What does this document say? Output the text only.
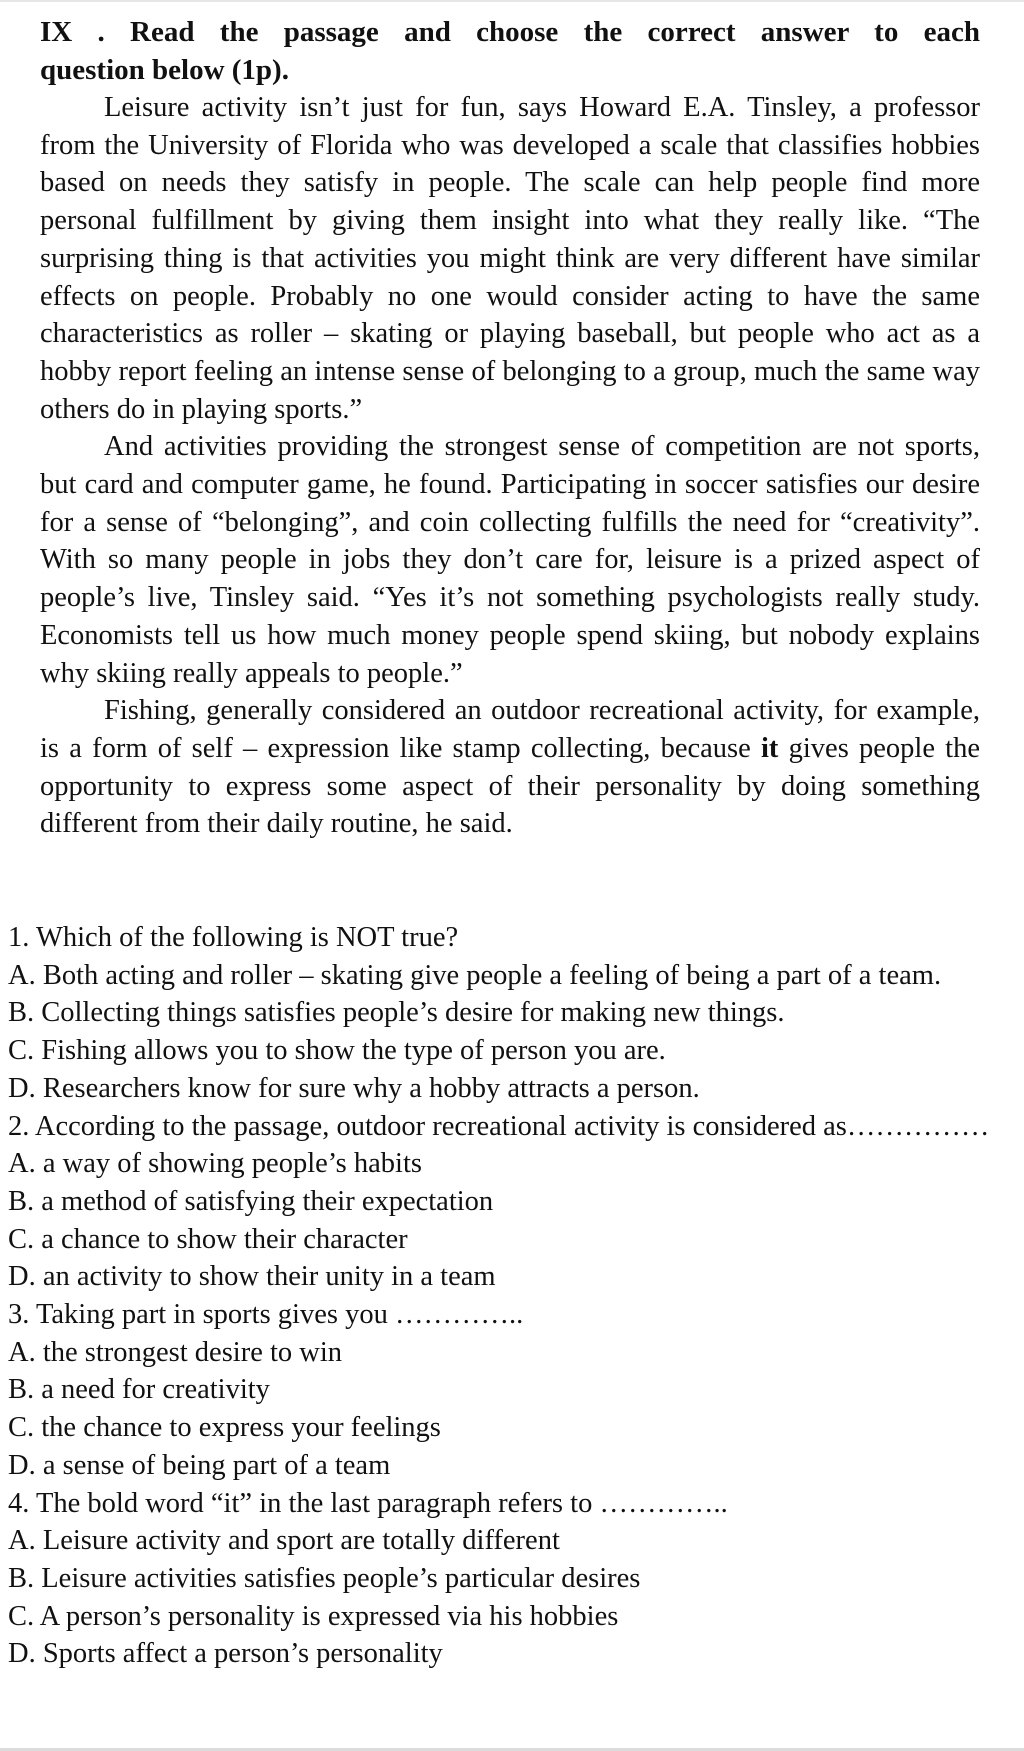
IX . Read the passage and choose the correct answer to each
question below (1p).

Leisure activity isn’t just for fun, says Howard E.A. Tinsley, a professor from the University of Florida who was developed a scale that classifies hobbies based on needs they satisfy in people. The scale can help people find more personal fulfillment by giving them insight into what they really like. “The surprising thing is that activities you might think are very different have similar effects on people. Probably no one would consider acting to have the same characteristics as roller – skating or playing baseball, but people who act as a hobby report feeling an intense sense of belonging to a group, much the same way others do in playing sports.”

And activities providing the strongest sense of competition are not sports, but card and computer game, he found. Participating in soccer satisfies our desire for a sense of “belonging”, and coin collecting fulfills the need for “creativity”. With so many people in jobs they don’t care for, leisure is a prized aspect of people’s live, Tinsley said. “Yes it’s not something psychologists really study. Economists tell us how much money people spend skiing, but nobody explains why skiing really appeals to people.”

Fishing, generally considered an outdoor recreational activity, for example, is a form of self – expression like stamp collecting, because it gives people the opportunity to express some aspect of their personality by doing something different from their daily routine, he said.

1. Which of the following is NOT true?

A. Both acting and roller – skating give people a feeling of being a part of a team.

B. Collecting things satisfies people’s desire for making new things.

C. Fishing allows you to show the type of person you are.

D. Researchers know for sure why a hobby attracts a person.

2. According to the passage, outdoor recreational activity is considered as……………

A. a way of showing people’s habits

B. a method of satisfying their expectation

C. a chance to show their character

D. an activity to show their unity in a team

3. Taking part in sports gives you …………..

A. the strongest desire to win

B. a need for creativity

C. the chance to express your feelings

D. a sense of being part of a team

4. The bold word “it” in the last paragraph refers to …………..

A. Leisure activity and sport are totally different

B. Leisure activities satisfies people’s particular desires

C. A person’s personality is expressed via his hobbies

D. Sports affect a person’s personality
